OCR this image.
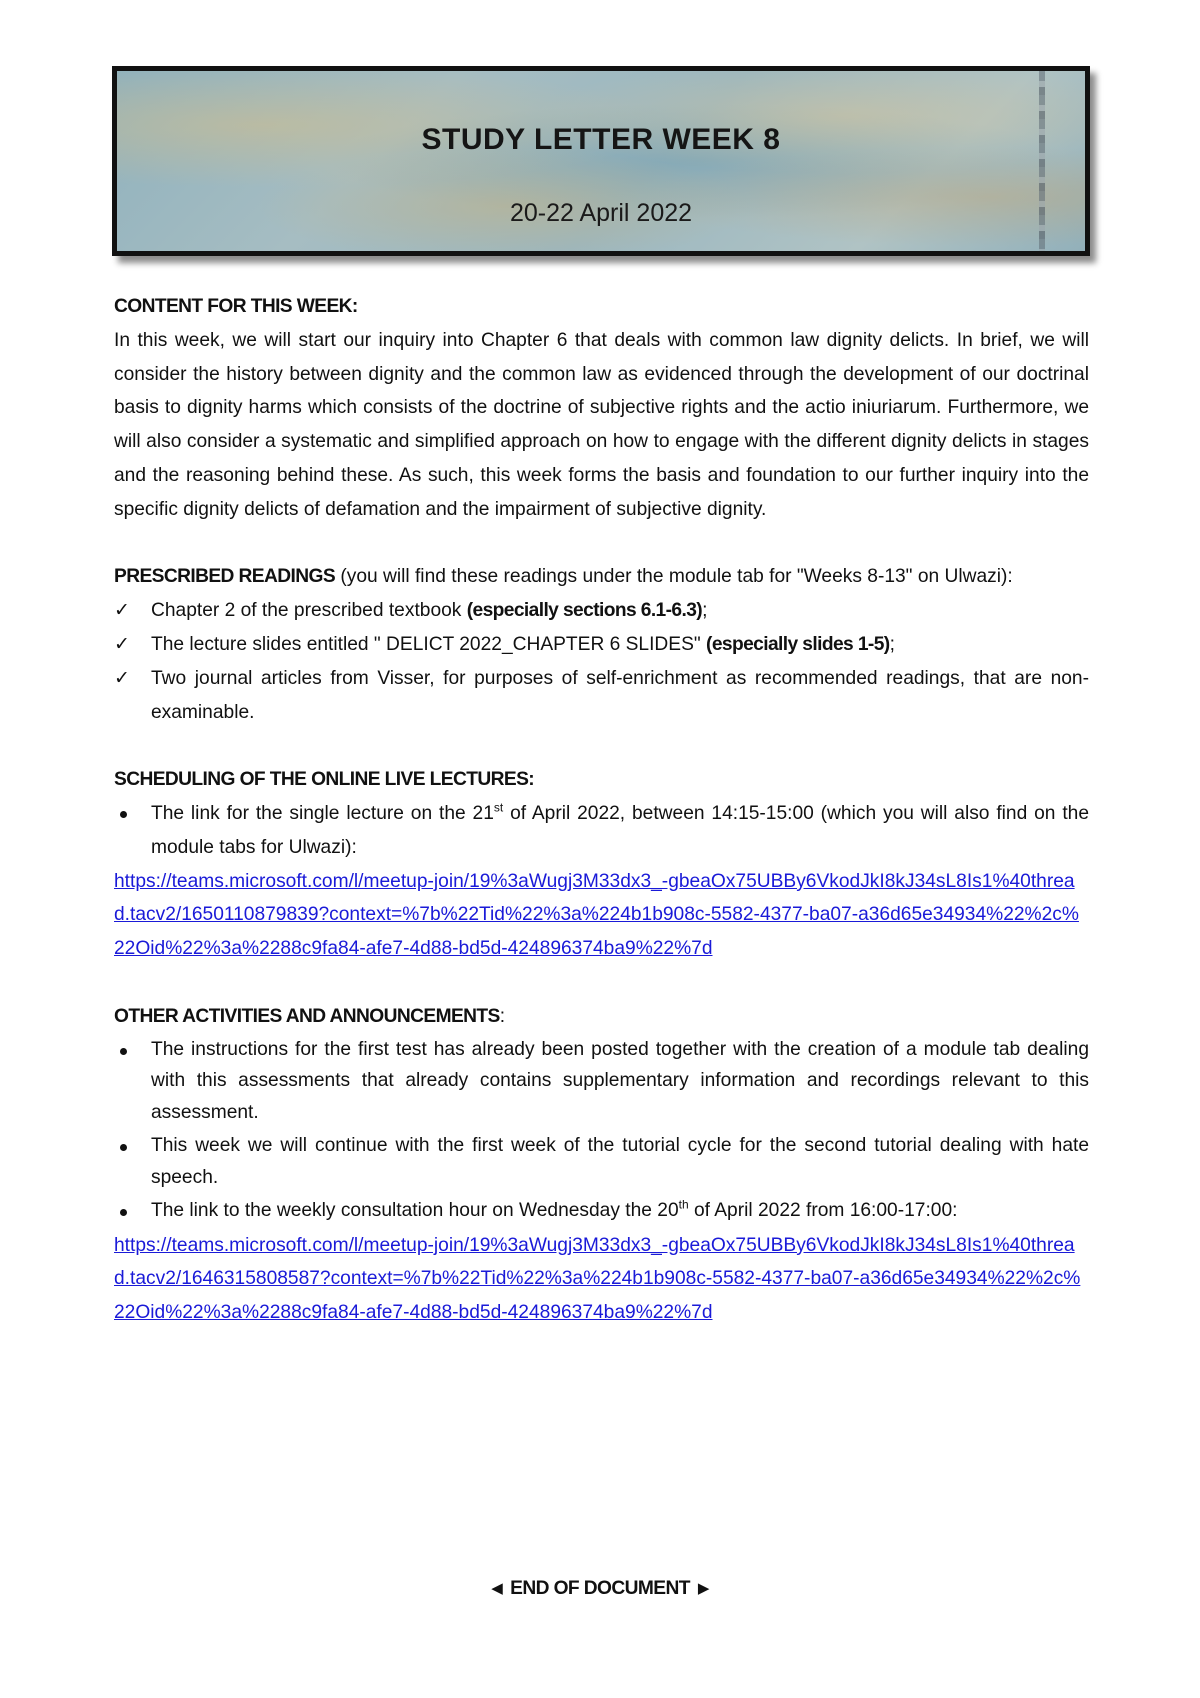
STUDY LETTER WEEK 8
20-22 April 2022
CONTENT FOR THIS WEEK:

In this week, we will start our inquiry into Chapter 6 that deals with common law dignity delicts. In brief, we will consider the history between dignity and the common law as evidenced through the development of our doctrinal basis to dignity harms which consists of the doctrine of subjective rights and the actio iniuriarum. Furthermore, we will also consider a systematic and simplified approach on how to engage with the different dignity delicts in stages and the reasoning behind these. As such, this week forms the basis and foundation to our further inquiry into the specific dignity delicts of defamation and the impairment of subjective dignity.

PRESCRIBED READINGS (you will find these readings under the module tab for "Weeks 8-13" on Ulwazi):

✓	Chapter 2 of the prescribed textbook (especially sections 6.1-6.3);
✓	The lecture slides entitled " DELICT 2022_CHAPTER 6 SLIDES" (especially slides 1-5);
✓	Two journal articles from Visser, for purposes of self-enrichment as recommended readings, that are non-examinable.
SCHEDULING OF THE ONLINE LIVE LECTURES:
The link for the single lecture on the 21st of April 2022, between 14:15-15:00 (which you will also find on the module tabs for Ulwazi):
https://teams.microsoft.com/l/meetup-join/19%3aWugj3M33dx3_-gbeaOx75UBBy6VkodJkI8kJ34sL8Is1%40thread.tacv2/1650110879839?context=%7b%22Tid%22%3a%224b1b908c-5582-4377-ba07-a36d65e34934%22%2c%22Oid%22%3a%2288c9fa84-afe7-4d88-bd5d-424896374ba9%22%7d
OTHER ACTIVITIES AND ANNOUNCEMENTS:
The instructions for the first test has already been posted together with the creation of a module tab dealing with this assessments that already contains supplementary information and recordings relevant to this assessment.
This week we will continue with the first week of the tutorial cycle for the second tutorial dealing with hate speech.
The link to the weekly consultation hour on Wednesday the 20th of April 2022 from 16:00-17:00:
https://teams.microsoft.com/l/meetup-join/19%3aWugj3M33dx3_-gbeaOx75UBBy6VkodJkI8kJ34sL8Is1%40thread.tacv2/1646315808587?context=%7b%22Tid%22%3a%224b1b908c-5582-4377-ba07-a36d65e34934%22%2c%22Oid%22%3a%2288c9fa84-afe7-4d88-bd5d-424896374ba9%22%7d
◀ END OF DOCUMENT ▶
